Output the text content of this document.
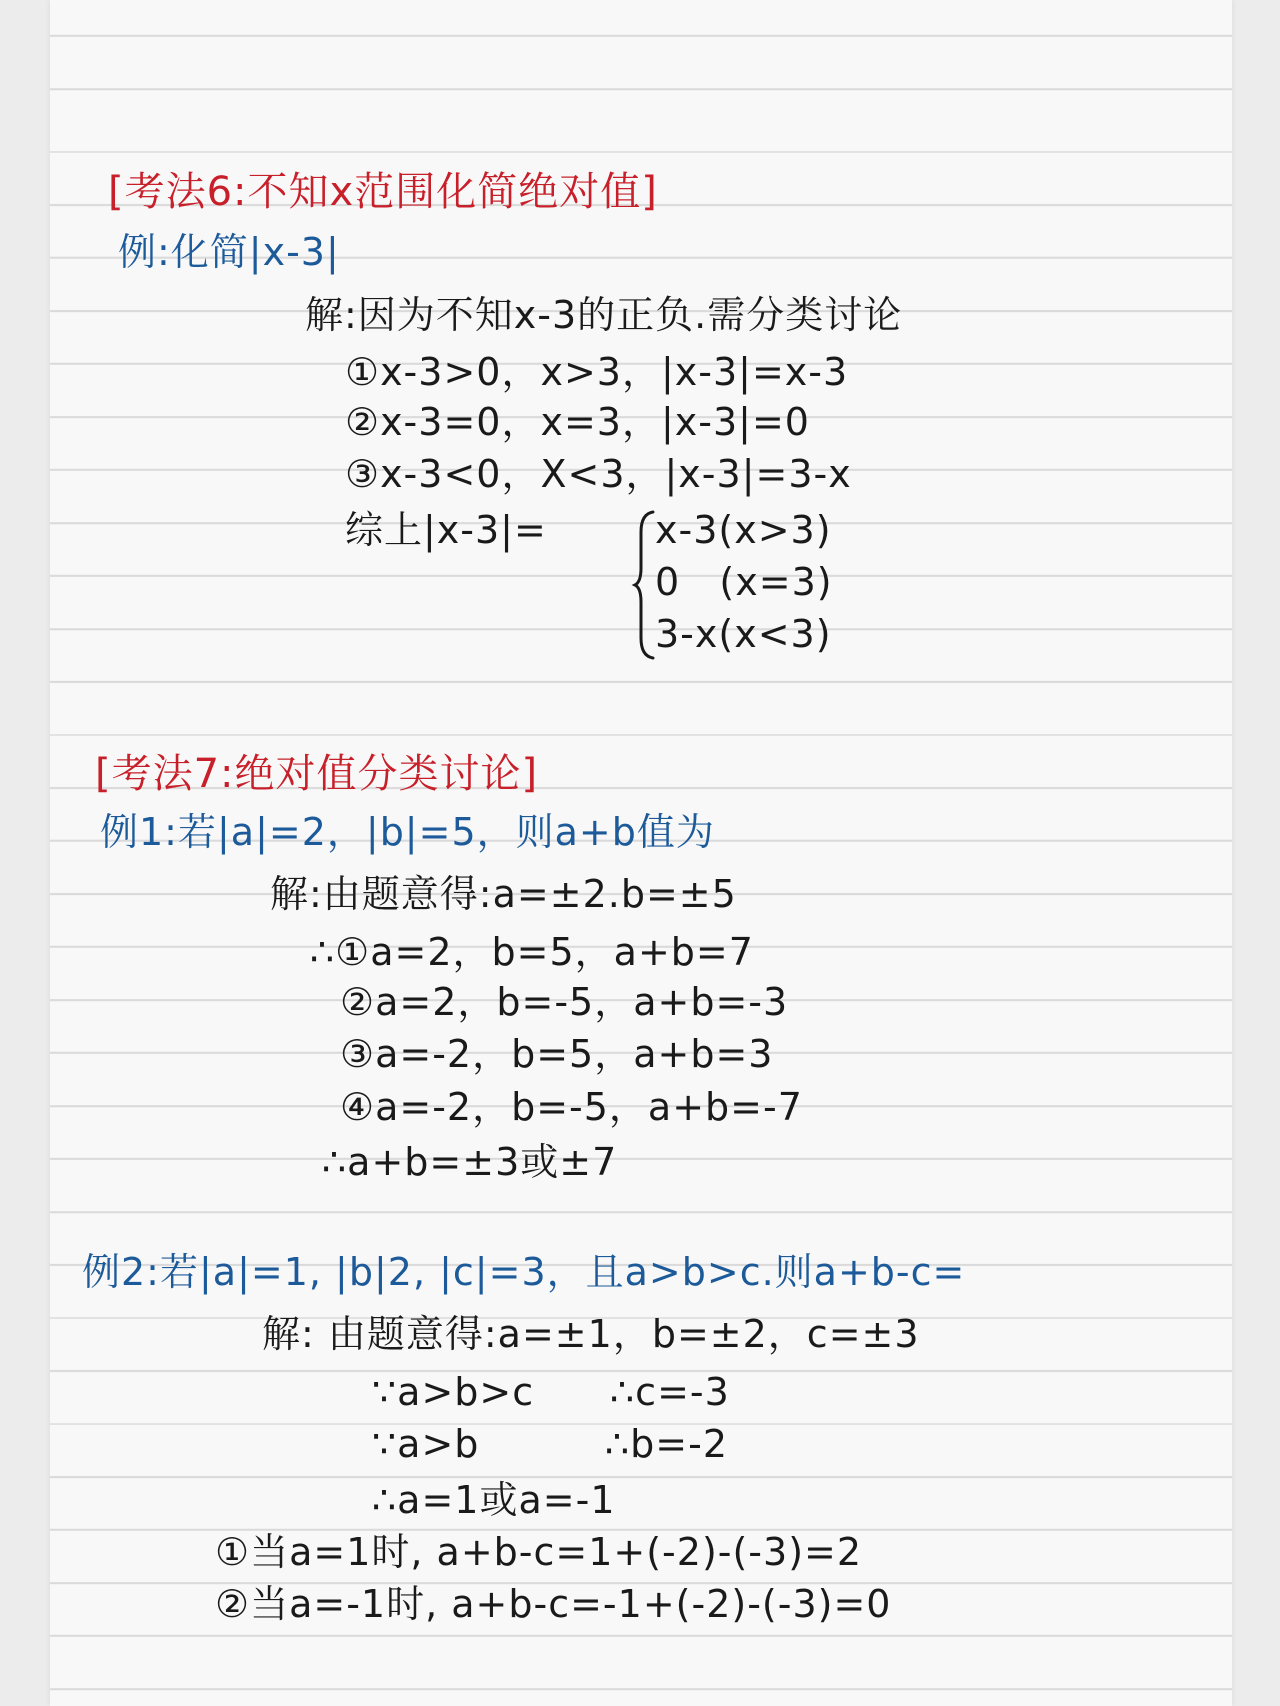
[考法6:不知x范围化简绝对值]
例:化简|x-3|
解:因为不知x-3的正负.需分类讨论
①x-3>0，x>3，|x-3|=x-3
②x-3=0，x=3，|x-3|=0
③x-3<0，X<3，|x-3|=3-x
综上|x-3|=	x-3(x>3)
0   (x=3)
3-x(x<3)
[考法7:绝对值分类讨论]
例1:若|a|=2，|b|=5，则a+b值为
解:由题意得:a=±2.b=±5
∴①a=2，b=5，a+b=7
②a=2，b=-5，a+b=-3
③a=-2，b=5，a+b=3
④a=-2，b=-5，a+b=-7
∴a+b=±3或±7
例2:若|a|=1, |b|2, |c|=3，且a>b>c.则a+b-c=
解: 由题意得:a=±1，b=±2，c=±3
∵a>b>c ∴c=-3
∵a>b	∴b=-2
∴a=1或a=-1
①当a=1时, a+b-c=1+(-2)-(-3)=2
②当a=-1时, a+b-c=-1+(-2)-(-3)=0
